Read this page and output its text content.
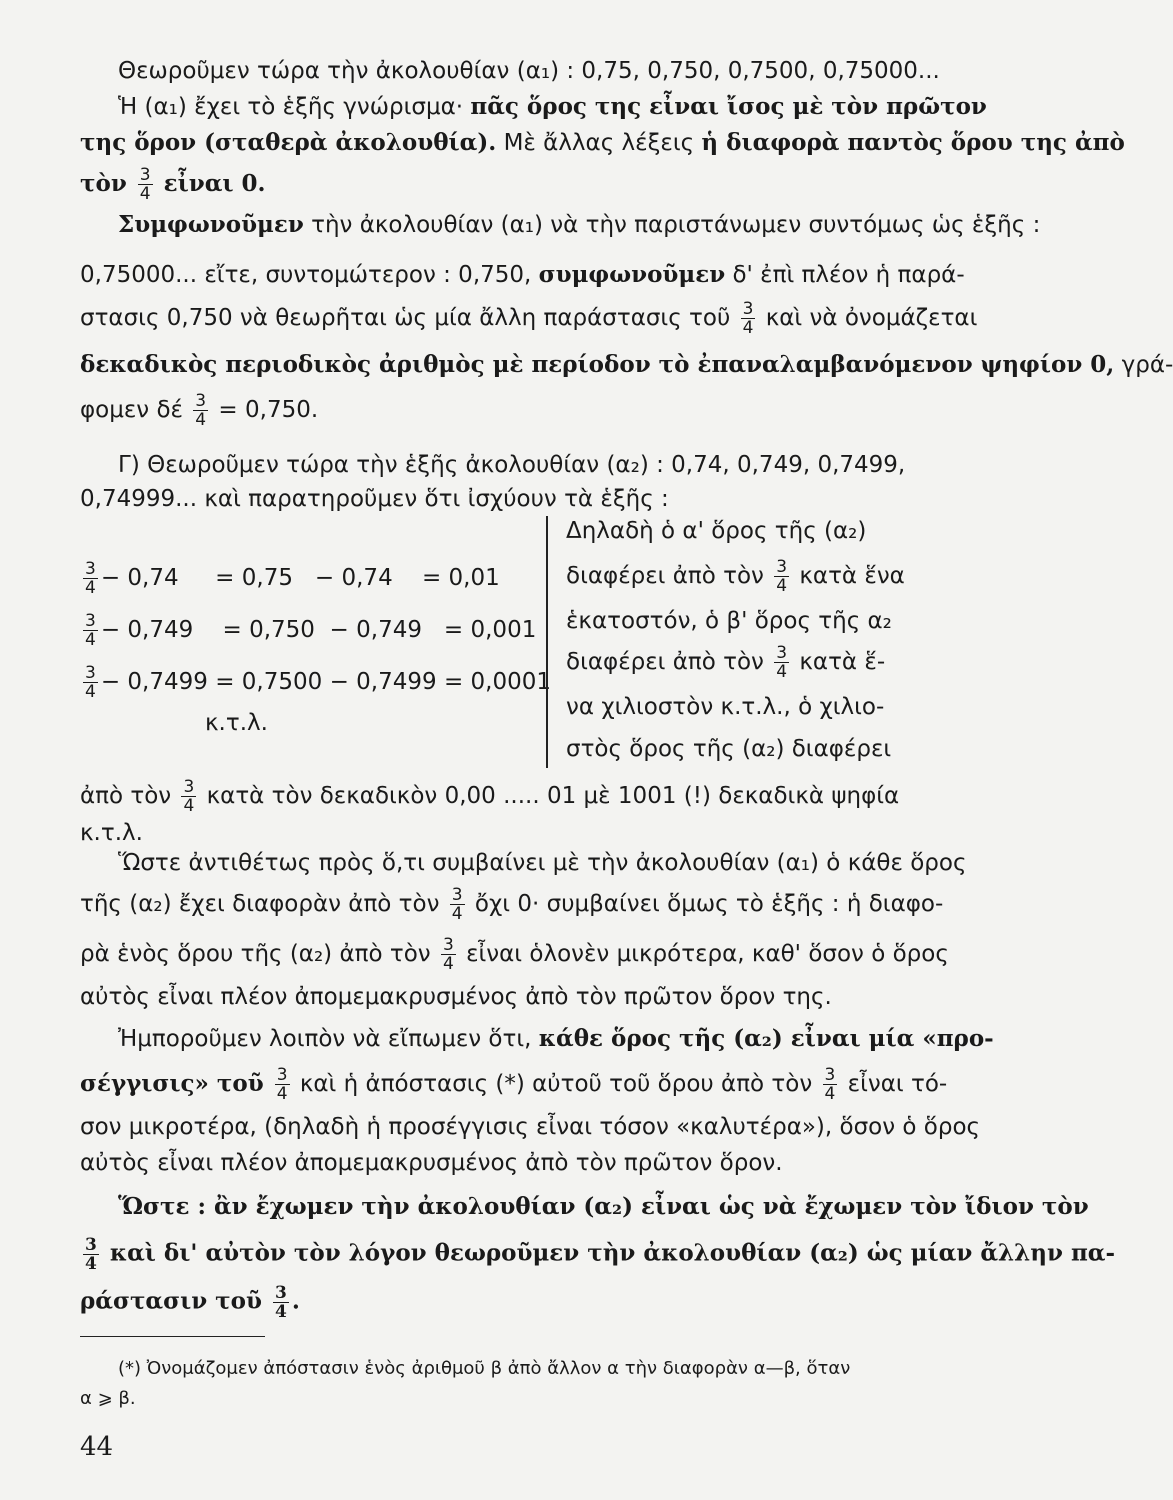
Θεωροῦμεν τώρα τὴν ἀκολουθίαν (α₁) : 0,75, 0,750, 0,7500, 0,75000...
Ἡ (α₁) ἔχει τὸ ἑξῆς γνώρισμα· πᾶς ὅρος της εἶναι ἴσος μὲ τὸν πρῶτον
της ὅρον (σταθερὰ ἀκολουθία). Μὲ ἄλλας λέξεις ἡ διαφορὰ παντὸς ὅρου της ἀπὸ
τὸν $\frac{3}{4}$ εἶναι 0.
Συμφωνοῦμεν τὴν ἀκολουθίαν (α₁) νὰ τὴν παριστάνωμεν συντόμως ὡς ἑξῆς :
0,75000... εἴτε, συντομώτερον : 0,750, συμφωνοῦμεν δ' ἐπὶ πλέον ἡ παρά-
στασις 0,750 νὰ θεωρῆται ὡς μία ἄλλη παράστασις τοῦ $\frac{3}{4}$ καὶ νὰ ὀνομάζεται
δεκαδικὸς περιοδικὸς ἀριθμὸς μὲ περίοδον τὸ ἐπαναλαμβανόμενον ψηφίον 0, γρά-
φομεν δέ $\frac{3}{4} = 0,750$.
Γ) Θεωροῦμεν τώρα τὴν ἑξῆς ἀκολουθίαν (α₂) : 0,74, 0,749, 0,7499,
0,74999... καὶ παρατηροῦμεν ὅτι ἰσχύουν τὰ ἑξῆς :
$\frac{3}{4} - 0,74$     = 0,75   − 0,74    = 0,01
$\frac{3}{4} - 0,749$    = 0,750  − 0,749   = 0,001
$\frac{3}{4} - 0,7499 = 0,7500 - 0,7499 = 0,0001$
κ.τ.λ.
Δηλαδὴ ὁ α' ὅρος τῆς (α₂)
διαφέρει ἀπὸ τὸν $\frac{3}{4}$ κατὰ ἕνα
ἑκατοστόν, ὁ β' ὅρος τῆς α₂
διαφέρει ἀπὸ τὸν $\frac{3}{4}$ κατὰ ἕ-
να χιλιοστὸν κ.τ.λ., ὁ χιλιο-
στὸς ὅρος τῆς (α₂) διαφέρει
ἀπὸ τὸν $\frac{3}{4}$ κατὰ τὸν δεκαδικὸν 0,00 ..... 01 μὲ 1001 (!) δεκαδικὰ ψηφία
κ.τ.λ.
Ὥστε ἀντιθέτως πρὸς ὅ,τι συμβαίνει μὲ τὴν ἀκολουθίαν (α₁) ὁ κάθε ὅρος
τῆς (α₂) ἔχει διαφορὰν ἀπὸ τὸν $\frac{3}{4}$ ὄχι 0· συμβαίνει ὅμως τὸ ἑξῆς : ἡ διαφο-
ρὰ ἑνὸς ὅρου τῆς (α₂) ἀπὸ τὸν $\frac{3}{4}$ εἶναι ὁλονὲν μικρότερα, καθ' ὅσον ὁ ὅρος
αὐτὸς εἶναι πλέον ἀπομεμακρυσμένος ἀπὸ τὸν πρῶτον ὅρον της.
Ἠμποροῦμεν λοιπὸν νὰ εἴπωμεν ὅτι, κάθε ὅρος τῆς (α₂) εἶναι μία «προ-
σέγγισις» τοῦ $\frac{3}{4}$ καὶ ἡ ἀπόστασις (*) αὐτοῦ τοῦ ὅρου ἀπὸ τὸν $\frac{3}{4}$ εἶναι τό-
σον μικροτέρα, (δηλαδὴ ἡ προσέγγισις εἶναι τόσον «καλυτέρα»), ὅσον ὁ ὅρος
αὐτὸς εἶναι πλέον ἀπομεμακρυσμένος ἀπὸ τὸν πρῶτον ὅρον.
Ὥστε : ἂν ἔχωμεν τὴν ἀκολουθίαν (α₂) εἶναι ὡς νὰ ἔχωμεν τὸν ἴδιον τὸν
$\frac{3}{4}$ καὶ δι' αὐτὸν τὸν λόγον θεωροῦμεν τὴν ἀκολουθίαν (α₂) ὡς μίαν ἄλλην πα-
ράστασιν τοῦ $\frac{3}{4}$ .
(*) Ὀνομάζομεν ἀπόστασιν ἑνὸς ἀριθμοῦ β ἀπὸ ἄλλον α τὴν διαφορὰν α—β, ὅταν
α ⩾ β.
44
